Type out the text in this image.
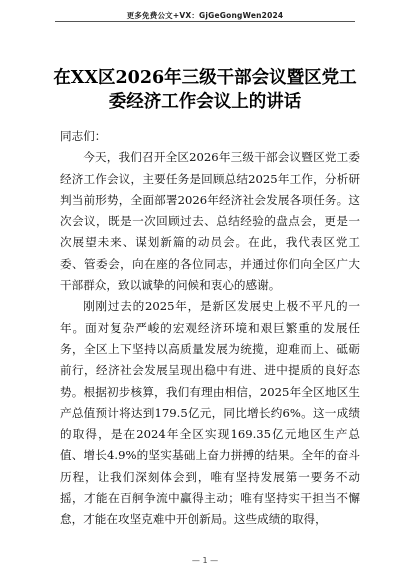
更多免费公文+VX：GjGeGongWen2024
在XX区2026年三级干部会议暨区党工
委经济工作会议上的讲话

同志们：

今天，我们召开全区2026年三级干部会议暨区党工委经济工作会议，主要任务是回顾总结2025年工作，分析研判当前形势，全面部署2026年经济社会发展各项任务。这次会议，既是一次回顾过去、总结经验的盘点会，更是一次展望未来、谋划新篇的动员会。在此，我代表区党工委、管委会，向在座的各位同志，并通过你们向全区广大干部群众，致以诚挚的问候和衷心的感谢。

刚刚过去的2025年，是新区发展史上极不平凡的一年。面对复杂严峻的宏观经济环境和艰巨繁重的发展任务，全区上下坚持以高质量发展为统揽，迎难而上、砥砺前行，经济社会发展呈现出稳中有进、进中提质的良好态势。根据初步核算，我们有理由相信，2025年全区地区生产总值预计将达到179.5亿元，同比增长约6%。这一成绩的取得，是在2024年全区实现169.35亿元地区生产总值、增长4.9%的坚实基础上奋力拼搏的结果。全年的奋斗历程，让我们深刻体会到，唯有坚持发展第一要务不动摇，才能在百舸争流中赢得主动；唯有坚持实干担当不懈怠，才能在攻坚克难中开创新局。这些成绩的取得，

— 1 —
